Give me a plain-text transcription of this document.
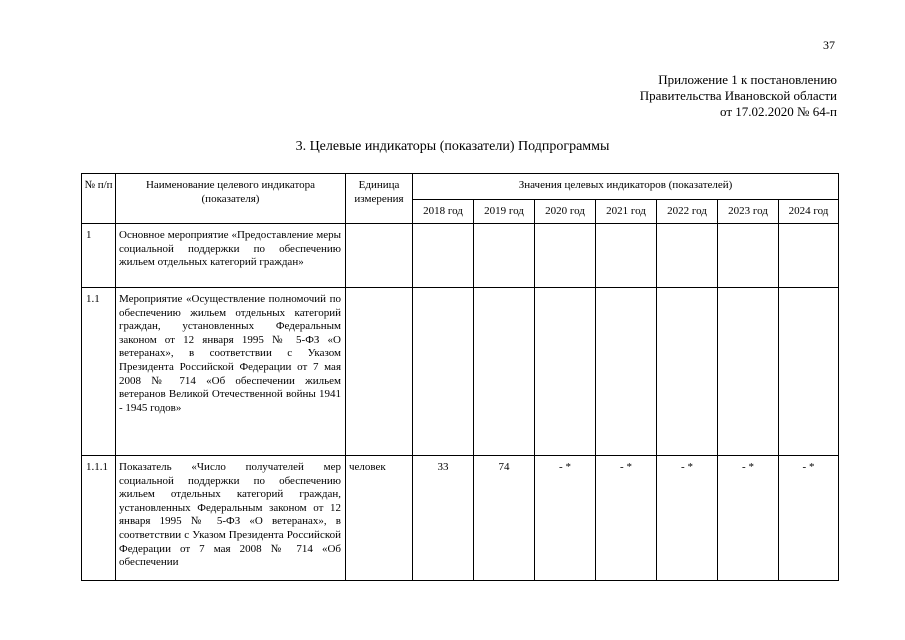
37
Приложение 1 к постановлению
Правительства Ивановской области
от 17.02.2020 № 64-п
3. Целевые индикаторы (показатели) Подпрограммы
№ п/п	Наименование целевого индикатора (показателя)	Единица измерения	Значения целевых индикаторов (показателей)						
			2018 год	2019 год	2020 год	2021 год	2022 год	2023 год	2024 год
1	Основное мероприятие «Предоставление меры социальной поддержки по обеспечению жильем отдельных категорий граждан»								
1.1	Мероприятие «Осуществление полномочий по обеспечению жильем отдельных категорий граждан, установленных Федеральным законом от 12 января 1995 № 5-ФЗ «О ветеранах», в соответствии с Указом Президента Российской Федерации от 7 мая 2008 № 714 «Об обеспечении жильем ветеранов Великой Отечественной войны 1941 - 1945 годов»								
1.1.1	Показатель «Число получателей мер социальной поддержки по обеспечению жильем отдельных категорий граждан, установленных Федеральным законом от 12 января 1995 № 5-ФЗ «О ветеранах», в соответствии с Указом Президента Российской Федерации от 7 мая 2008 № 714 «Об обеспечении	человек	33	74	- *	- *	- *	- *	- *
